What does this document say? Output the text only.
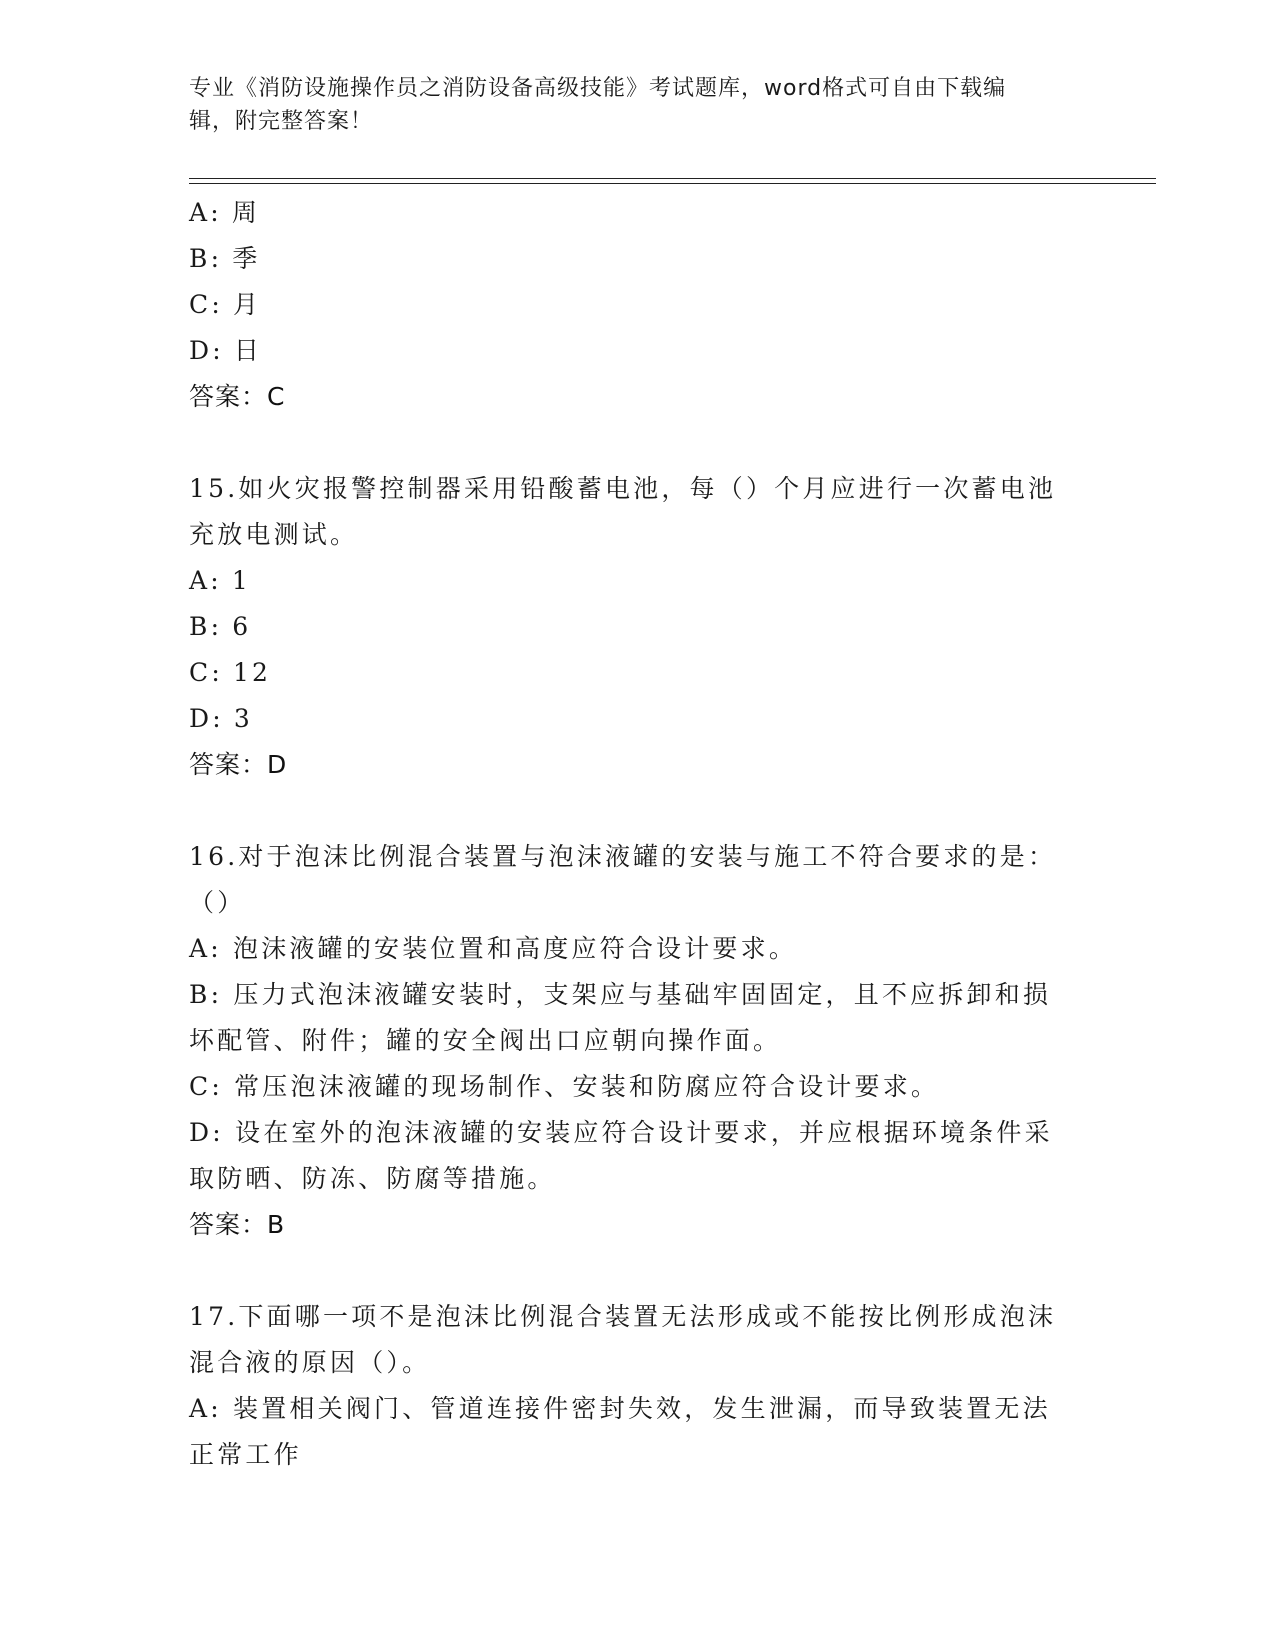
专业《消防设施操作员之消防设备高级技能》考试题库，word格式可自由下载编
辑，附完整答案！
A: 周
B: 季
C: 月
D: 日
答案：C
15.如火灾报警控制器采用铅酸蓄电池，每（）个月应进行一次蓄电池
充放电测试。
A: 1
B: 6
C: 12
D: 3
答案：D
16.对于泡沫比例混合装置与泡沫液罐的安装与施工不符合要求的是：
（）
A: 泡沫液罐的安装位置和高度应符合设计要求。
B: 压力式泡沫液罐安装时，支架应与基础牢固固定，且不应拆卸和损
坏配管、附件；罐的安全阀出口应朝向操作面。
C: 常压泡沫液罐的现场制作、安装和防腐应符合设计要求。
D: 设在室外的泡沫液罐的安装应符合设计要求，并应根据环境条件采
取防晒、防冻、防腐等措施。
答案：B
17.下面哪一项不是泡沫比例混合装置无法形成或不能按比例形成泡沫
混合液的原因（）。
A: 装置相关阀门、管道连接件密封失效，发生泄漏，而导致装置无法
正常工作
